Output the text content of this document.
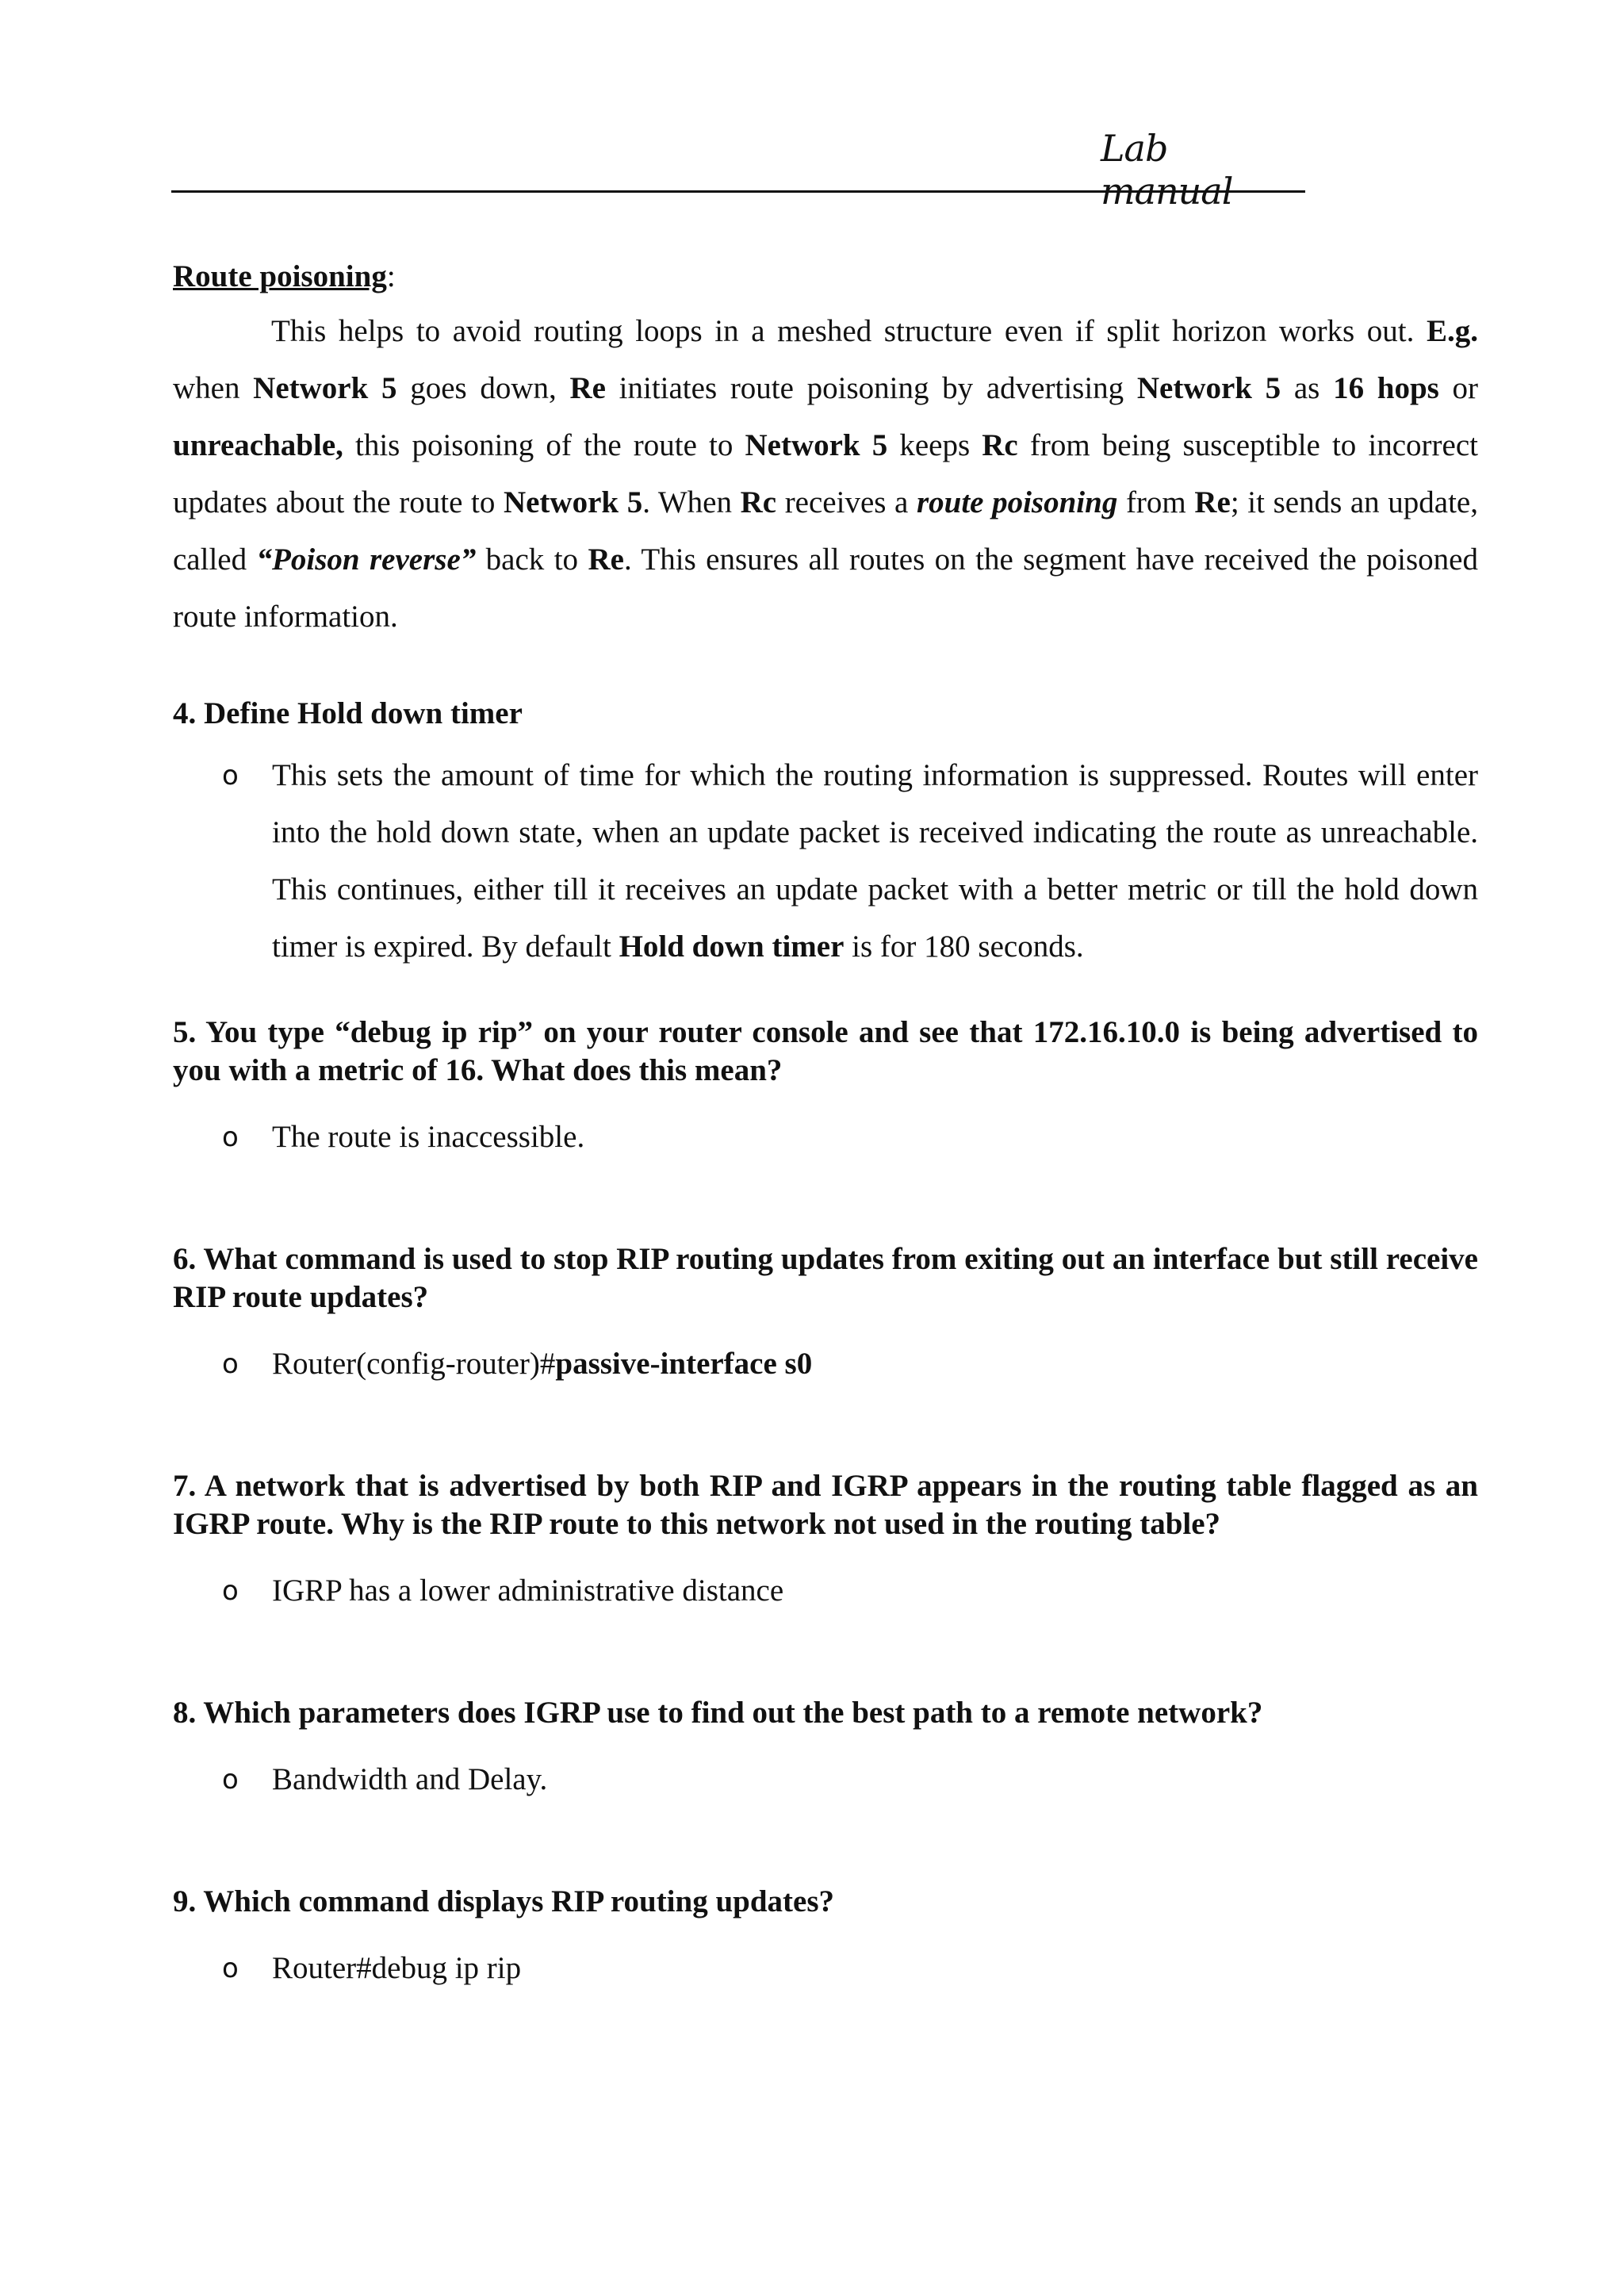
Lab manual

Route poisoning:

This helps to avoid routing loops in a meshed structure even if split horizon works out. E.g. when Network 5 goes down, Re initiates route poisoning by advertising Network 5 as 16 hops or unreachable, this poisoning of the route to Network 5 keeps Rc from being susceptible to incorrect updates about the route to Network 5. When Rc receives a route poisoning from Re; it sends an update, called “Poison reverse” back to Re. This ensures all routes on the segment have received the poisoned route information.

4. Define Hold down timer

o This sets the amount of time for which the routing information is suppressed. Routes will enter into the hold down state, when an update packet is received indicating the route as unreachable. This continues, either till it receives an update packet with a better metric or till the hold down timer is expired. By default Hold down timer is for 180 seconds.

5. You type “debug ip rip” on your router console and see that 172.16.10.0 is being advertised to you with a metric of 16. What does this mean?

o The route is inaccessible.

6. What command is used to stop RIP routing updates from exiting out an interface but still receive RIP route updates?

o Router(config-router)#passive-interface s0

7. A network that is advertised by both RIP and IGRP appears in the routing table flagged as an IGRP route. Why is the RIP route to this network not used in the routing table?

o IGRP has a lower administrative distance

8. Which parameters does IGRP use to find out the best path to a remote network?

o Bandwidth and Delay.

9. Which command displays RIP routing updates?

o Router#debug ip rip
